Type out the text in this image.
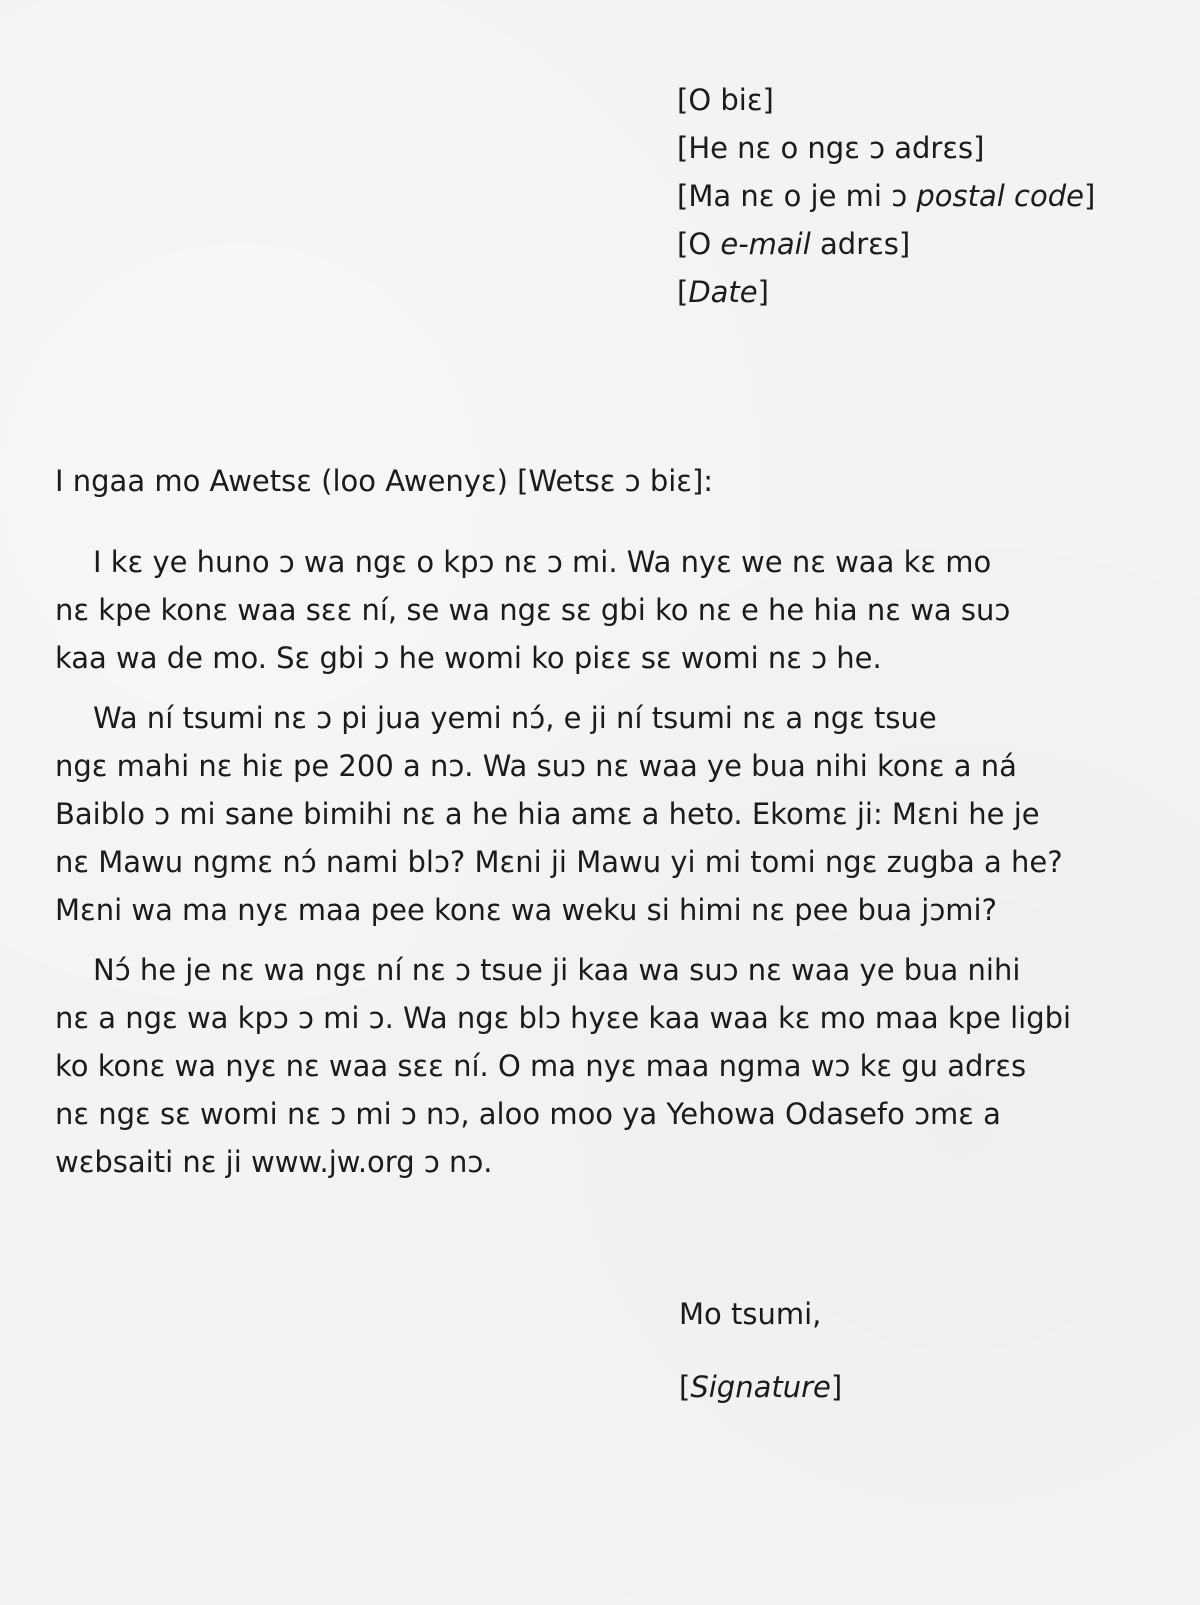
[O biɛ]
[He nɛ o ngɛ ɔ adrɛs]
[Ma nɛ o je mi ɔ postal code]
[O e-mail adrɛs]
[Date]
I ngaa mo Awetsɛ (loo Awenyɛ) [Wetsɛ ɔ biɛ]:
I kɛ ye huno ɔ wa ngɛ o kpɔ nɛ ɔ mi. Wa nyɛ we nɛ waa kɛ mo
nɛ kpe konɛ waa sɛɛ ní, se wa ngɛ sɛ gbi ko nɛ e he hia nɛ wa suɔ
kaa wa de mo. Sɛ gbi ɔ he womi ko piɛɛ sɛ womi nɛ ɔ he.
Wa ní tsumi nɛ ɔ pi jua yemi nɔ́, e ji ní tsumi nɛ a ngɛ tsue
ngɛ mahi nɛ hiɛ pe 200 a nɔ. Wa suɔ nɛ waa ye bua nihi konɛ a ná
Baiblo ɔ mi sane bimihi nɛ a he hia amɛ a heto. Ekomɛ ji: Mɛni he je
nɛ Mawu ngmɛ nɔ́ nami blɔ? Mɛni ji Mawu yi mi tomi ngɛ zugba a he?
Mɛni wa ma nyɛ maa pee konɛ wa weku si himi nɛ pee bua jɔmi?
Nɔ́ he je nɛ wa ngɛ ní nɛ ɔ tsue ji kaa wa suɔ nɛ waa ye bua nihi
nɛ a ngɛ wa kpɔ ɔ mi ɔ. Wa ngɛ blɔ hyɛe kaa waa kɛ mo maa kpe ligbi
ko konɛ wa nyɛ nɛ waa sɛɛ ní. O ma nyɛ maa ngma wɔ kɛ gu adrɛs
nɛ ngɛ sɛ womi nɛ ɔ mi ɔ nɔ, aloo moo ya Yehowa Odasefo ɔmɛ a
wɛbsaiti nɛ ji www.jw.org ɔ nɔ.
Mo tsumi,
[Signature]
